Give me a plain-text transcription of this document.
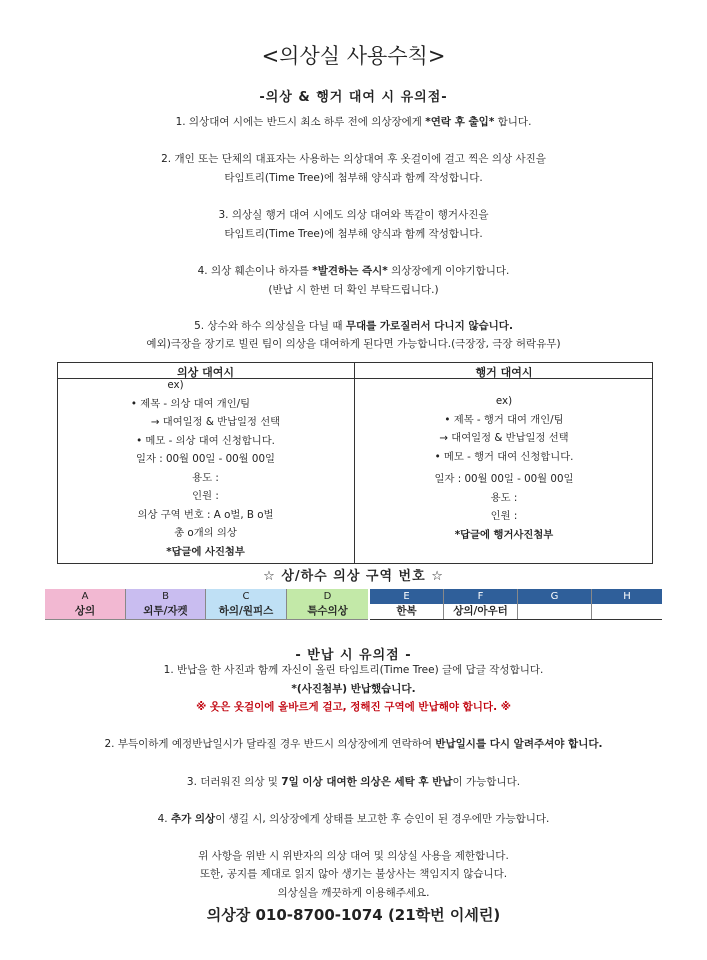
<의상실 사용수칙>
-의상 & 행거 대여 시 유의점-
1. 의상대여 시에는 반드시 최소 하루 전에 의상장에게 *연락 후 출입* 합니다.
2. 개인 또는 단체의 대표자는 사용하는 의상대여 후 옷걸이에 걸고 찍은 의상 사진을
타임트리(Time Tree)에 첨부해 양식과 함께 작성합니다.
3. 의상실 행거 대여 시에도 의상 대여와 똑같이 행거사진을
타임트리(Time Tree)에 첨부해 양식과 함께 작성합니다.
4. 의상 훼손이나 하자를 *발견하는 즉시* 의상장에게 이야기합니다.
(반납 시 한번 더 확인 부탁드립니다.)
5. 상수와 하수 의상실을 다닐 때 무대를 가로질러서 다니지 않습니다.
예외)극장을 장기로 빌린 팀이 의상을 대여하게 된다면 가능합니다.(극장장, 극장 허락유무)
의상 대여시	행거 대여시
ex)
• 제목 - 의상 대여 개인/팀
→ 대여일정 & 반납일정 선택
• 메모 - 의상 대여 신청합니다.
일자 : 00월 00일 - 00월 00일
용도 :
인원 :
의상 구역 번호 : A o벌, B o벌
총 o개의 의상
*답글에 사진첨부
ex)
• 제목 - 행거 대여 개인/팀
→ 대여일정 & 반납일정 선택
• 메모 - 행거 대여 신청합니다.
일자 : 00월 00일 - 00월 00일
용도 :
인원 :
*답글에 행거사진첨부
☆ 상/하수 의상 구역 번호 ☆
A	B	C	D
상의	외투/자켓	하의/원피스	특수의상
E	F	G	H
한복	상의/아우터
- 반납 시 유의점 -
1. 반납을 한 사진과 함께 자신이 올린 타임트리(Time Tree) 글에 답글 작성합니다.
*(사진첨부) 반납했습니다.
※ 옷은 옷걸이에 올바르게 걸고, 정해진 구역에 반납해야 합니다. ※
2. 부득이하게 예정반납일시가 달라질 경우 반드시 의상장에게 연락하여 반납일시를 다시 알려주셔야 합니다.
3. 더러워진 의상 및 7일 이상 대여한 의상은 세탁 후 반납이 가능합니다.
4. 추가 의상이 생길 시, 의상장에게 상태를 보고한 후 승인이 된 경우에만 가능합니다.
위 사항을 위반 시 위반자의 의상 대여 및 의상실 사용을 제한합니다.
또한, 공지를 제대로 읽지 않아 생기는 불상사는 책임지지 않습니다.
의상실을 깨끗하게 이용해주세요.
의상장 010-8700-1074 (21학번 이세린)
